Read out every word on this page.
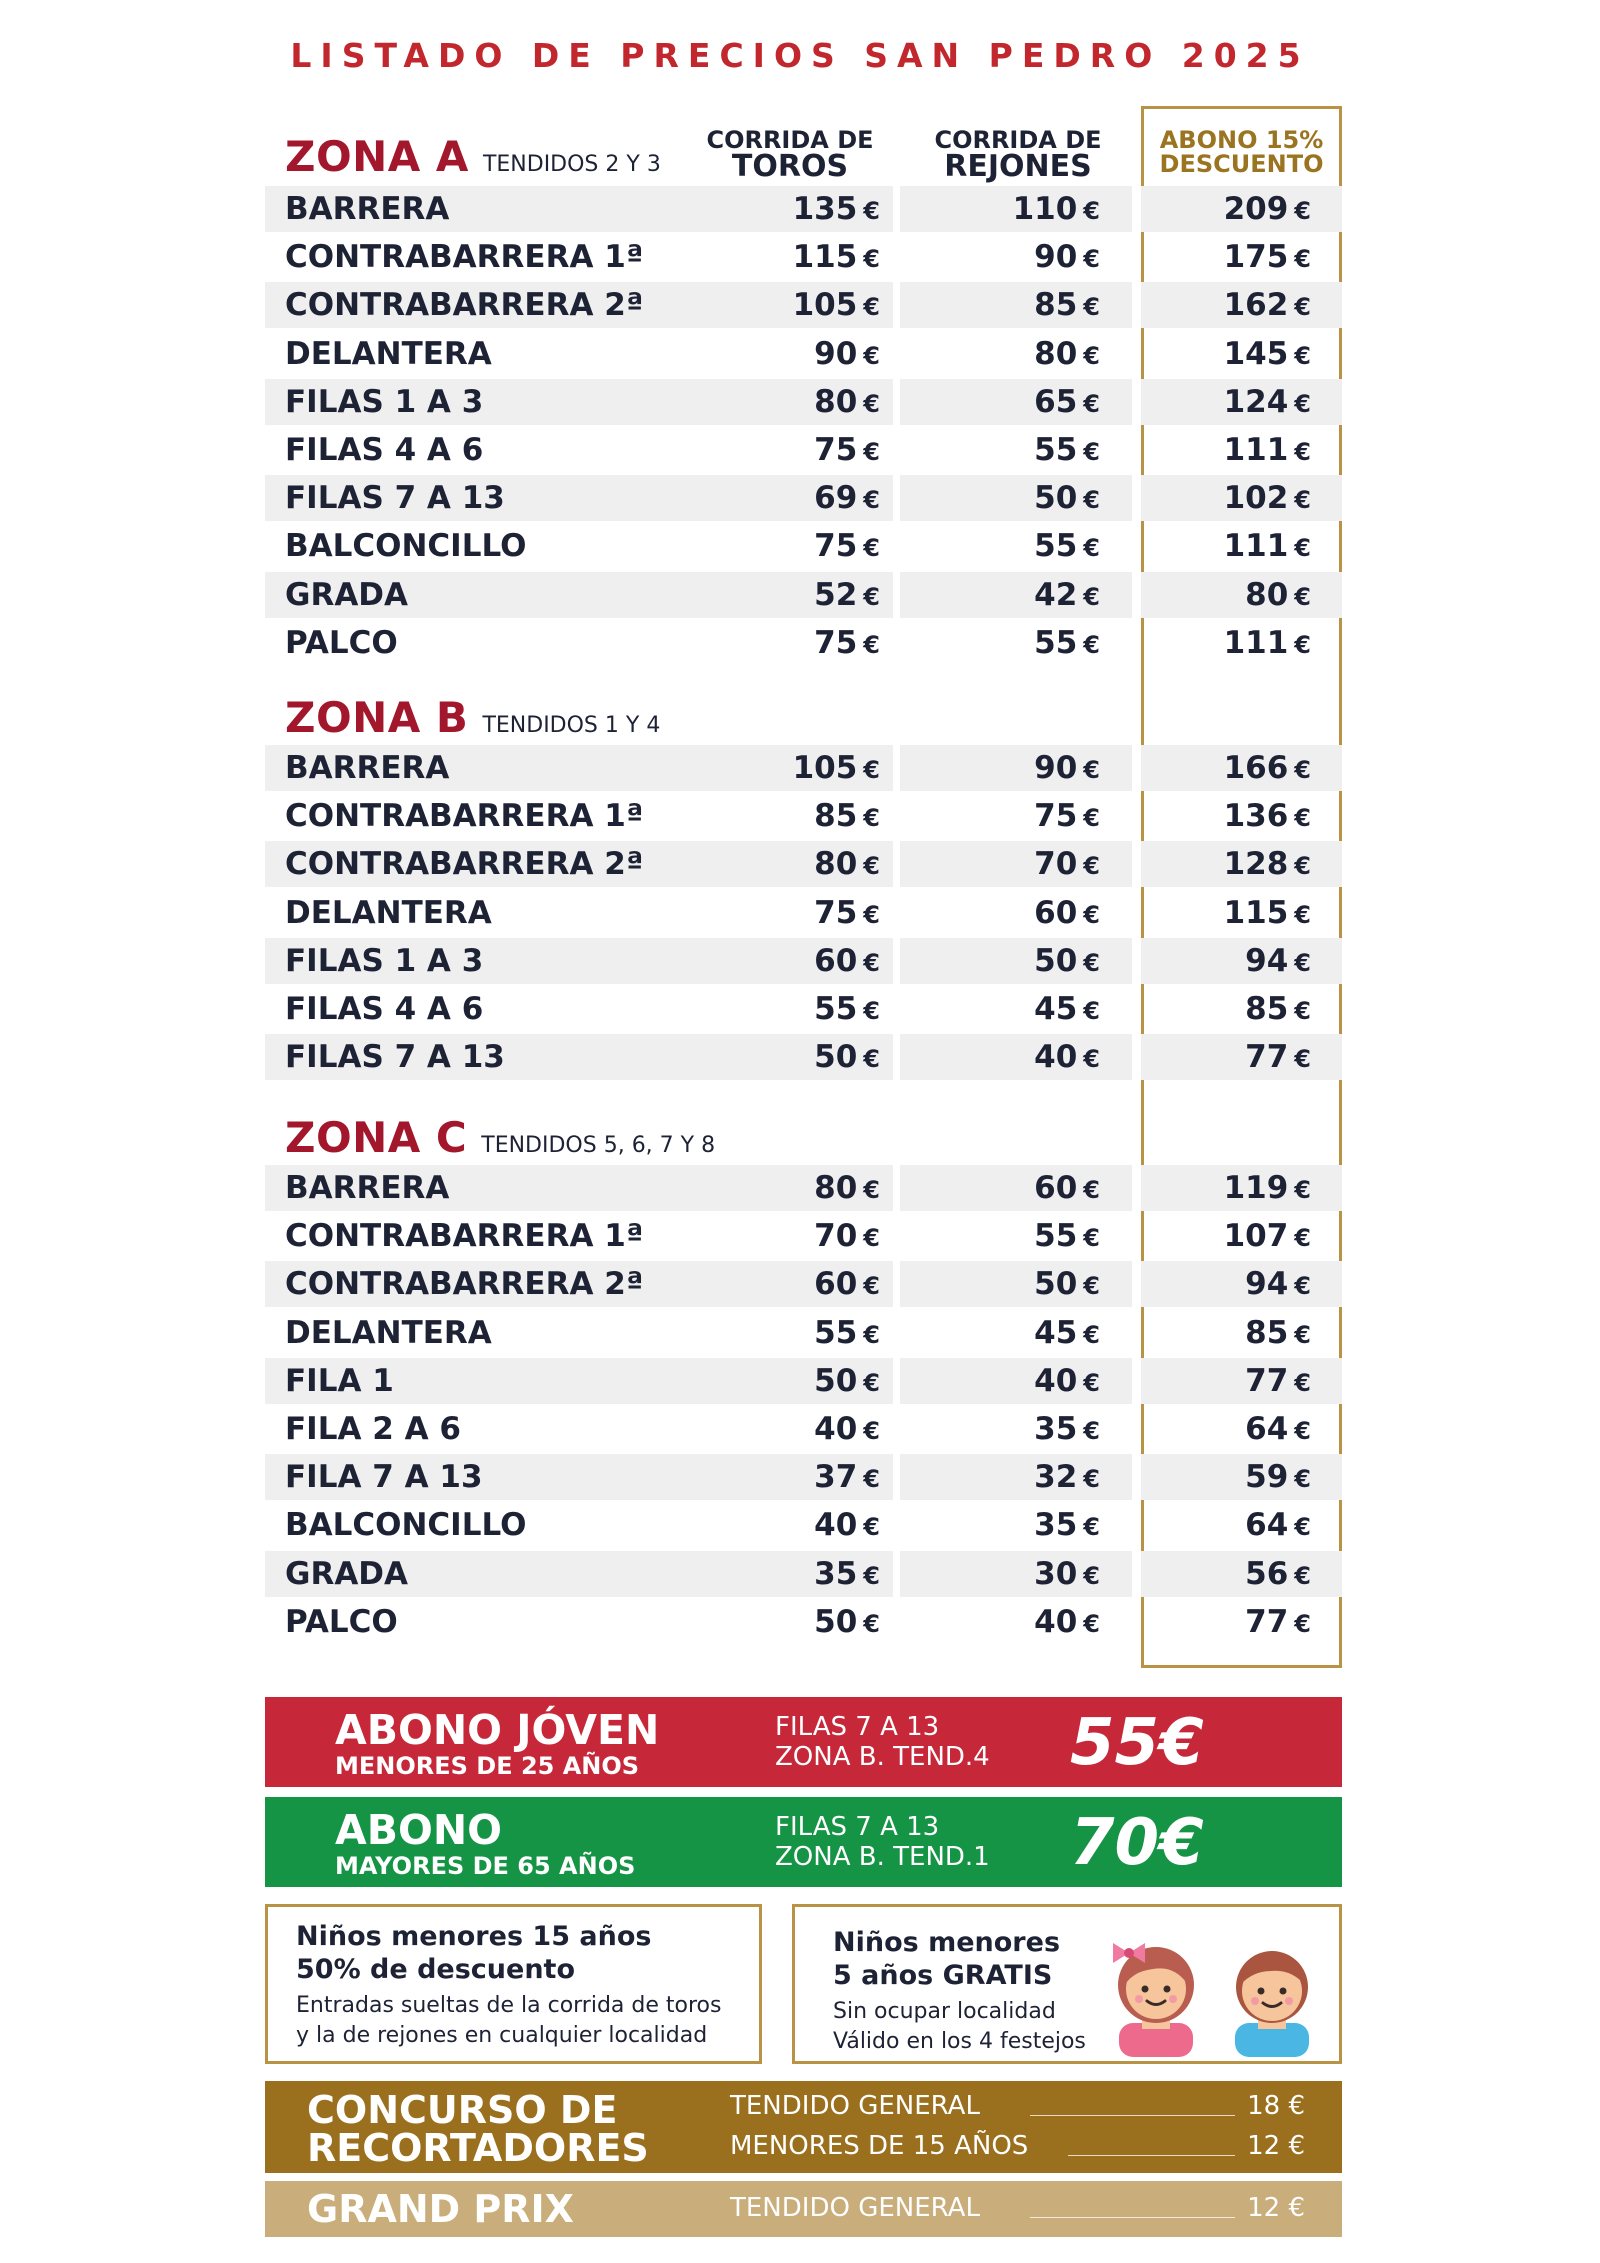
LISTADO DE PRECIOS SAN PEDRO 2025
CORRIDA DE
TOROS
CORRIDA DE
REJONES
ABONO 15%
DESCUENTO
ZONA A TENDIDOS 2 Y 3
BARRERA	135 €	110 €	209 €
CONTRABARRERA 1ª	115 €	90 €	175 €
CONTRABARRERA 2ª	105 €	85 €	162 €
DELANTERA	90 €	80 €	145 €
FILAS 1 A 3	80 €	65 €	124 €
FILAS 4 A 6	75 €	55 €	111 €
FILAS 7 A 13	69 €	50 €	102 €
BALCONCILLO	75 €	55 €	111 €
GRADA	52 €	42 €	80 €
PALCO	75 €	55 €	111 €
ZONA B TENDIDOS 1 Y 4
BARRERA	105 €	90 €	166 €
CONTRABARRERA 1ª	85 €	75 €	136 €
CONTRABARRERA 2ª	80 €	70 €	128 €
DELANTERA	75 €	60 €	115 €
FILAS 1 A 3	60 €	50 €	94 €
FILAS 4 A 6	55 €	45 €	85 €
FILAS 7 A 13	50 €	40 €	77 €
ZONA C TENDIDOS 5, 6, 7 Y 8
BARRERA	80 €	60 €	119 €
CONTRABARRERA 1ª	70 €	55 €	107 €
CONTRABARRERA 2ª	60 €	50 €	94 €
DELANTERA	55 €	45 €	85 €
FILA 1	50 €	40 €	77 €
FILA 2 A 6	40 €	35 €	64 €
FILA 7 A 13	37 €	32 €	59 €
BALCONCILLO	40 €	35 €	64 €
GRADA	35 €	30 €	56 €
PALCO	50 €	40 €	77 €
ABONO JÓVEN
MENORES DE 25 AÑOS
FILAS 7 A 13
ZONA B. TEND.4 55€
ABONO
MAYORES DE 65 AÑOS
FILAS 7 A 13
ZONA B. TEND.1 70€
Niños menores 15 años
50% de descuento
Entradas sueltas de la corrida de toros
y la de rejones en cualquier localidad
Niños menores
5 años GRATIS
Sin ocupar localidad
Válido en los 4 festejos
CONCURSO DE
RECORTADORES
TENDIDO GENERAL	18 €
MENORES DE 15 AÑOS	12 €
GRAND PRIX	TENDIDO GENERAL	12 €
